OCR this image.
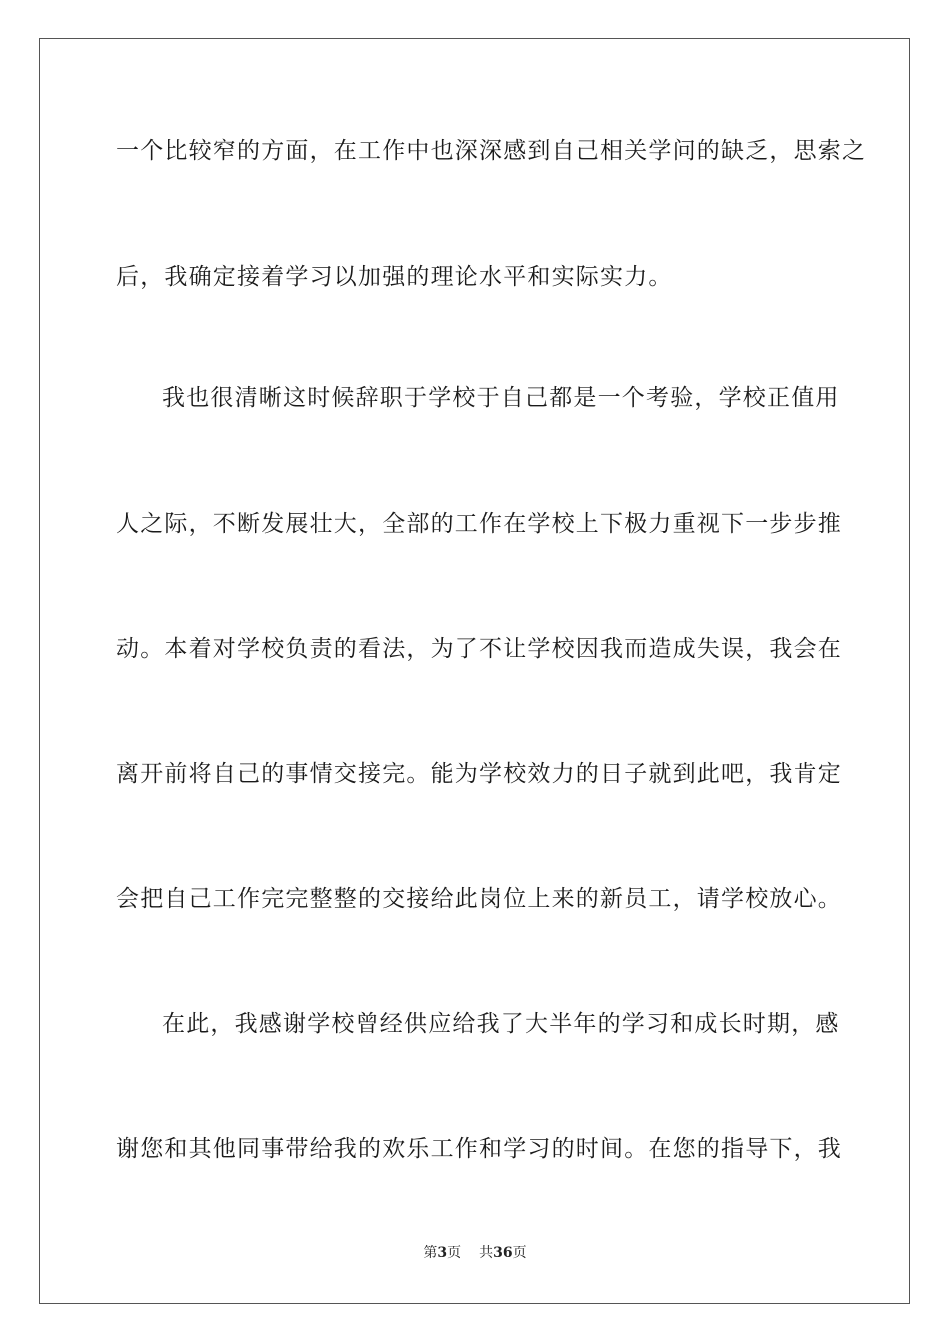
一个比较窄的方面，在工作中也深深感到自己相关学问的缺乏，思索之
后，我确定接着学习以加强的理论水平和实际实力。
我也很清晰这时候辞职于学校于自己都是一个考验，学校正值用
人之际，不断发展壮大，全部的工作在学校上下极力重视下一步步推
动。本着对学校负责的看法，为了不让学校因我而造成失误，我会在
离开前将自己的事情交接完。能为学校效力的日子就到此吧，我肯定
会把自己工作完完整整的交接给此岗位上来的新员工，请学校放心。
在此，我感谢学校曾经供应给我了大半年的学习和成长时期，感
谢您和其他同事带给我的欢乐工作和学习的时间。在您的指导下，我
第3页 共36页
